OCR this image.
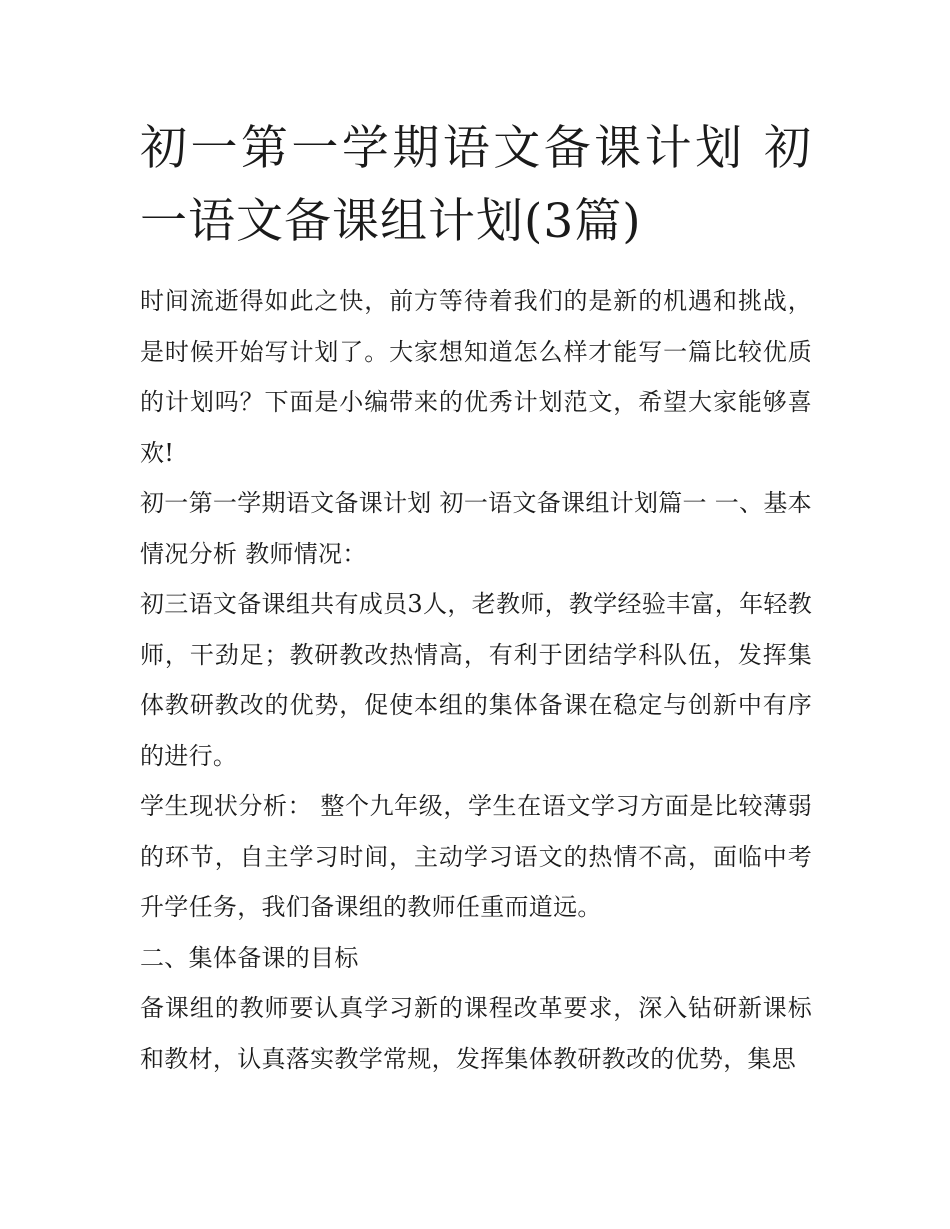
初一第一学期语文备课计划 初一语文备课组计划(3篇)

时间流逝得如此之快，前方等待着我们的是新的机遇和挑战，是时候开始写计划了。大家想知道怎么样才能写一篇比较优质的计划吗？下面是小编带来的优秀计划范文，希望大家能够喜欢!

初一第一学期语文备课计划 初一语文备课组计划篇一 一、基本情况分析 教师情况：

初三语文备课组共有成员3人，老教师，教学经验丰富，年轻教师，干劲足；教研教改热情高，有利于团结学科队伍，发挥集体教研教改的优势，促使本组的集体备课在稳定与创新中有序的进行。

学生现状分析： 整个九年级，学生在语文学习方面是比较薄弱的环节，自主学习时间，主动学习语文的热情不高，面临中考升学任务，我们备课组的教师任重而道远。

二、集体备课的目标

备课组的教师要认真学习新的课程改革要求，深入钻研新课标和教材，认真落实教学常规，发挥集体教研教改的优势，集思
